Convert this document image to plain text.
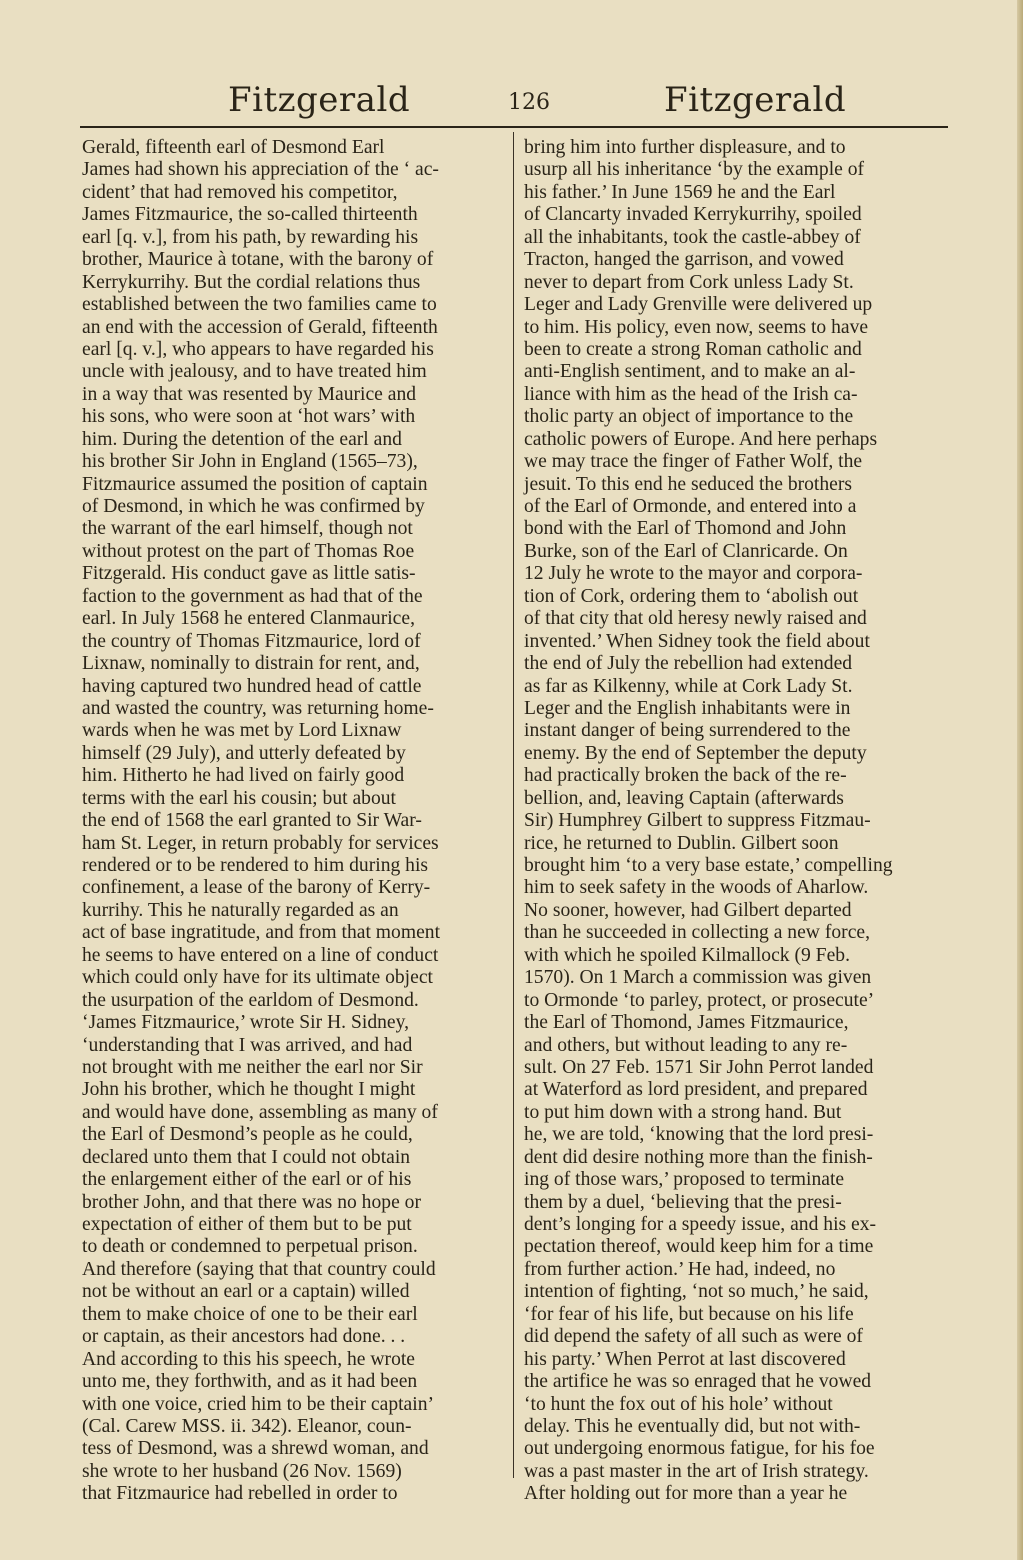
Fitzgerald	126	Fitzgerald
Gerald, fifteenth earl of Desmond Earl
James had shown his appreciation of the ‘ ac-
cident’ that had removed his competitor,
James Fitzmaurice, the so-called thirteenth
earl [q. v.], from his path, by rewarding his
brother, Maurice à totane, with the barony of
Kerrykurrihy. But the cordial relations thus
established between the two families came to
an end with the accession of Gerald, fifteenth
earl [q. v.], who appears to have regarded his
uncle with jealousy, and to have treated him
in a way that was resented by Maurice and
his sons, who were soon at ‘hot wars’ with
him. During the detention of the earl and
his brother Sir John in England (1565–73),
Fitzmaurice assumed the position of captain
of Desmond, in which he was confirmed by
the warrant of the earl himself, though not
without protest on the part of Thomas Roe
Fitzgerald. His conduct gave as little satis-
faction to the government as had that of the
earl. In July 1568 he entered Clanmaurice,
the country of Thomas Fitzmaurice, lord of
Lixnaw, nominally to distrain for rent, and,
having captured two hundred head of cattle
and wasted the country, was returning home-
wards when he was met by Lord Lixnaw
himself (29 July), and utterly defeated by
him. Hitherto he had lived on fairly good
terms with the earl his cousin; but about
the end of 1568 the earl granted to Sir War-
ham St. Leger, in return probably for services
rendered or to be rendered to him during his
confinement, a lease of the barony of Kerry-
kurrihy. This he naturally regarded as an
act of base ingratitude, and from that moment
he seems to have entered on a line of conduct
which could only have for its ultimate object
the usurpation of the earldom of Desmond.
‘James Fitzmaurice,’ wrote Sir H. Sidney,
‘understanding that I was arrived, and had
not brought with me neither the earl nor Sir
John his brother, which he thought I might
and would have done, assembling as many of
the Earl of Desmond’s people as he could,
declared unto them that I could not obtain
the enlargement either of the earl or of his
brother John, and that there was no hope or
expectation of either of them but to be put
to death or condemned to perpetual prison.
And therefore (saying that that country could
not be without an earl or a captain) willed
them to make choice of one to be their earl
or captain, as their ancestors had done. . .
And according to this his speech, he wrote
unto me, they forthwith, and as it had been
with one voice, cried him to be their captain’
(Cal. Carew MSS. ii. 342). Eleanor, coun-
tess of Desmond, was a shrewd woman, and
she wrote to her husband (26 Nov. 1569)
that Fitzmaurice had rebelled in order to
bring him into further displeasure, and to
usurp all his inheritance ‘by the example of
his father.’ In June 1569 he and the Earl
of Clancarty invaded Kerrykurrihy, spoiled
all the inhabitants, took the castle-abbey of
Tracton, hanged the garrison, and vowed
never to depart from Cork unless Lady St.
Leger and Lady Grenville were delivered up
to him. His policy, even now, seems to have
been to create a strong Roman catholic and
anti-English sentiment, and to make an al-
liance with him as the head of the Irish ca-
tholic party an object of importance to the
catholic powers of Europe. And here perhaps
we may trace the finger of Father Wolf, the
jesuit. To this end he seduced the brothers
of the Earl of Ormonde, and entered into a
bond with the Earl of Thomond and John
Burke, son of the Earl of Clanricarde. On
12 July he wrote to the mayor and corpora-
tion of Cork, ordering them to ‘abolish out
of that city that old heresy newly raised and
invented.’ When Sidney took the field about
the end of July the rebellion had extended
as far as Kilkenny, while at Cork Lady St.
Leger and the English inhabitants were in
instant danger of being surrendered to the
enemy. By the end of September the deputy
had practically broken the back of the re-
bellion, and, leaving Captain (afterwards
Sir) Humphrey Gilbert to suppress Fitzmau-
rice, he returned to Dublin. Gilbert soon
brought him ‘to a very base estate,’ compelling
him to seek safety in the woods of Aharlow.
No sooner, however, had Gilbert departed
than he succeeded in collecting a new force,
with which he spoiled Kilmallock (9 Feb.
1570). On 1 March a commission was given
to Ormonde ‘to parley, protect, or prosecute’
the Earl of Thomond, James Fitzmaurice,
and others, but without leading to any re-
sult. On 27 Feb. 1571 Sir John Perrot landed
at Waterford as lord president, and prepared
to put him down with a strong hand. But
he, we are told, ‘knowing that the lord presi-
dent did desire nothing more than the finish-
ing of those wars,’ proposed to terminate
them by a duel, ‘believing that the presi-
dent’s longing for a speedy issue, and his ex-
pectation thereof, would keep him for a time
from further action.’ He had, indeed, no
intention of fighting, ‘not so much,’ he said,
‘for fear of his life, but because on his life
did depend the safety of all such as were of
his party.’ When Perrot at last discovered
the artifice he was so enraged that he vowed
‘to hunt the fox out of his hole’ without
delay. This he eventually did, but not with-
out undergoing enormous fatigue, for his foe
was a past master in the art of Irish strategy.
After holding out for more than a year he
